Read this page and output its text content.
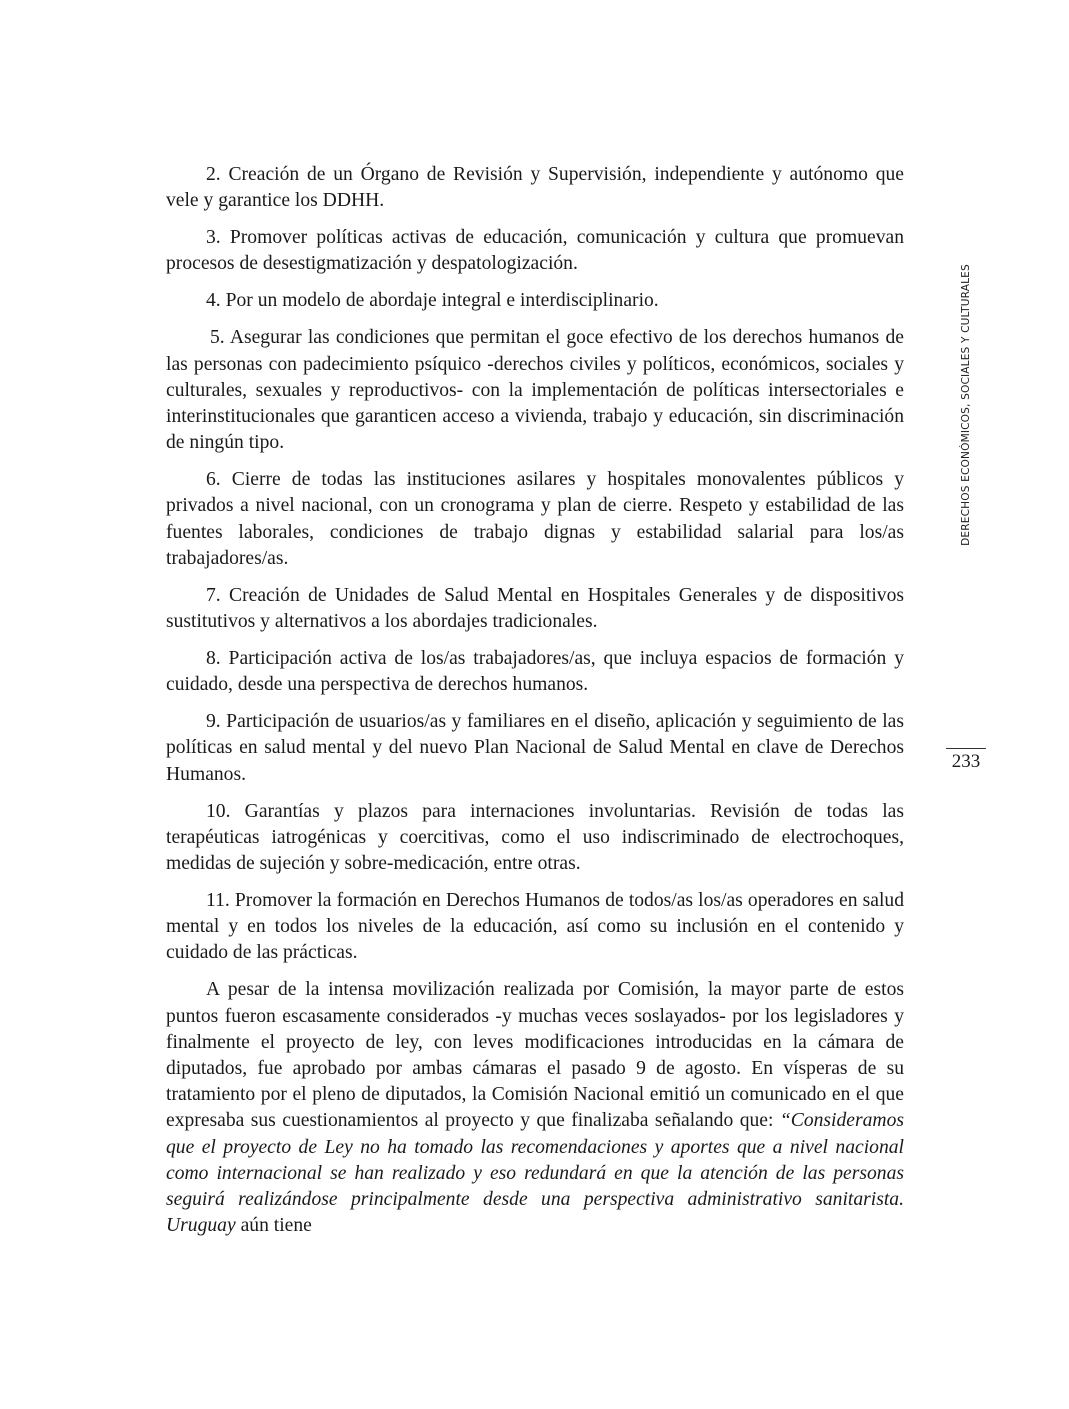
2. Creación de un Órgano de Revisión y Supervisión, independiente y autónomo que vele y garantice los DDHH.

3. Promover políticas activas de educación, comunicación y cultura que promuevan procesos de desestigmatización y despatologización.

4. Por un modelo de abordaje integral e interdisciplinario.

5. Asegurar las condiciones que permitan el goce efectivo de los derechos humanos de las personas con padecimiento psíquico -derechos civiles y políticos, económicos, sociales y culturales, sexuales y reproductivos- con la implementación de políticas intersectoriales e interinstitucionales que garanticen acceso a vivienda, trabajo y educación, sin discriminación de ningún tipo.

6. Cierre de todas las instituciones asilares y hospitales monovalentes públicos y privados a nivel nacional, con un cronograma y plan de cierre. Respeto y estabilidad de las fuentes laborales, condiciones de trabajo dignas y estabilidad salarial para los/as trabajadores/as.

7. Creación de Unidades de Salud Mental en Hospitales Generales y de dispositivos sustitutivos y alternativos a los abordajes tradicionales.

8. Participación activa de los/as trabajadores/as, que incluya espacios de formación y cuidado, desde una perspectiva de derechos humanos.

9. Participación de usuarios/as y familiares en el diseño, aplicación y seguimiento de las políticas en salud mental y del nuevo Plan Nacional de Salud Mental en clave de Derechos Humanos.

10. Garantías y plazos para internaciones involuntarias. Revisión de todas las terapéuticas iatrogénicas y coercitivas, como el uso indiscriminado de electrochoques, medidas de sujeción y sobre-medicación, entre otras.

11. Promover la formación en Derechos Humanos de todos/as los/as operadores en salud mental y en todos los niveles de la educación, así como su inclusión en el contenido y cuidado de las prácticas.

A pesar de la intensa movilización realizada por Comisión, la mayor parte de estos puntos fueron escasamente considerados -y muchas veces soslayados- por los legisladores y finalmente el proyecto de ley, con leves modificaciones introducidas en la cámara de diputados, fue aprobado por ambas cámaras el pasado 9 de agosto. En vísperas de su tratamiento por el pleno de diputados, la Comisión Nacional emitió un comunicado en el que expresaba sus cuestionamientos al proyecto y que finalizaba señalando que: “Consideramos que el proyecto de Ley no ha tomado las recomendaciones y aportes que a nivel nacional como internacional se han realizado y eso redundará en que la atención de las personas seguirá realizándose principalmente desde una perspectiva administrativo sanitarista. Uruguay aún tiene

DERECHOS ECONÓMICOS, SOCIALES Y CULTURALES
233
